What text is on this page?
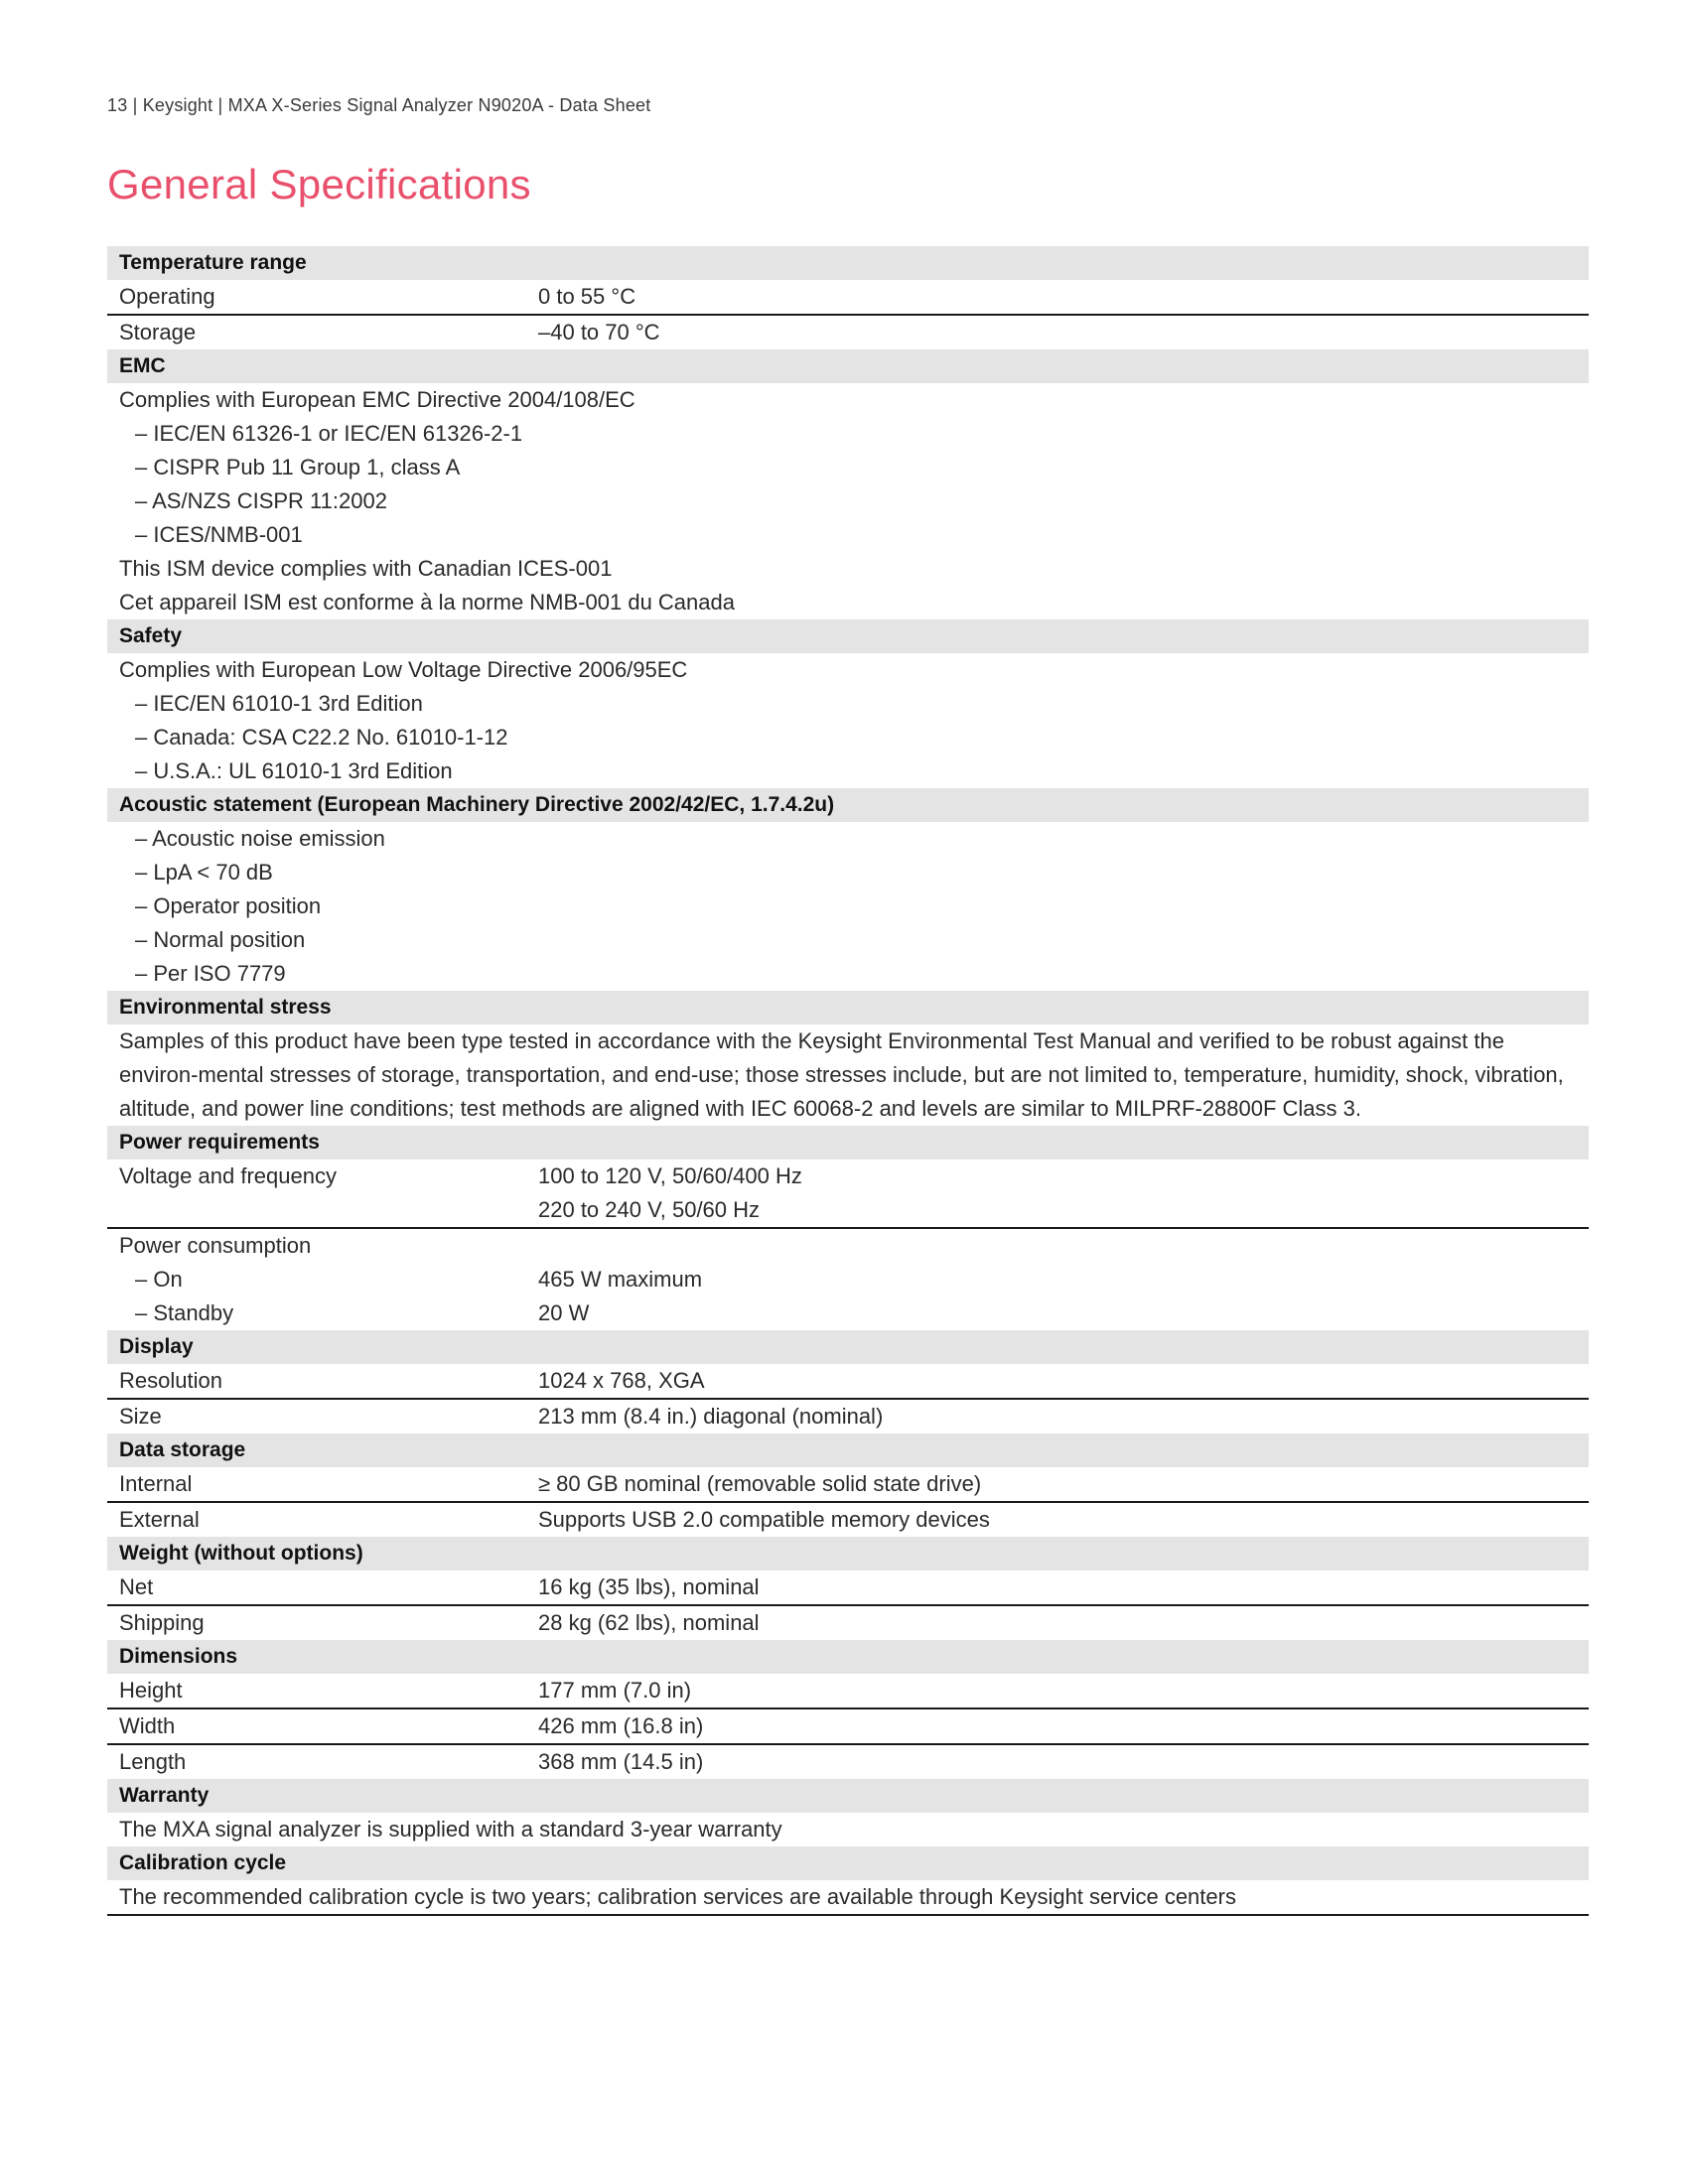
13 | Keysight | MXA X-Series Signal Analyzer N9020A - Data Sheet
General Specifications
Temperature range
Operating	0 to 55 °C
Storage	–40 to 70 °C
EMC
Complies with European EMC Directive 2004/108/EC
– IEC/EN 61326-1 or IEC/EN 61326-2-1
– CISPR Pub 11 Group 1, class A
– AS/NZS CISPR 11:2002
– ICES/NMB-001
This ISM device complies with Canadian ICES-001
Cet appareil ISM est conforme à la norme NMB-001 du Canada
Safety
Complies with European Low Voltage Directive 2006/95EC
– IEC/EN 61010-1 3rd Edition
– Canada: CSA C22.2 No. 61010-1-12
– U.S.A.: UL 61010-1 3rd Edition
Acoustic statement (European Machinery Directive 2002/42/EC, 1.7.4.2u)
– Acoustic noise emission
– LpA < 70 dB
– Operator position
– Normal position
– Per ISO 7779
Environmental stress
Samples of this product have been type tested in accordance with the Keysight Environmental Test Manual and verified to be robust against the environ-mental stresses of storage, transportation, and end-use; those stresses include, but are not limited to, temperature, humidity, shock, vibration, altitude, and power line conditions; test methods are aligned with IEC 60068-2 and levels are similar to MILPRF-28800F Class 3.
Power requirements
Voltage and frequency	100 to 120 V, 50/60/400 Hz
220 to 240 V, 50/60 Hz
Power consumption
– On	465 W maximum
– Standby	20 W
Display
Resolution	1024 x 768, XGA
Size	213 mm (8.4 in.) diagonal (nominal)
Data storage
Internal	≥ 80 GB nominal (removable solid state drive)
External	Supports USB 2.0 compatible memory devices
Weight (without options)
Net	16 kg (35 lbs), nominal
Shipping	28 kg (62 lbs), nominal
Dimensions
Height	177 mm (7.0 in)
Width	426 mm (16.8 in)
Length	368 mm (14.5 in)
Warranty
The MXA signal analyzer is supplied with a standard 3-year warranty
Calibration cycle
The recommended calibration cycle is two years; calibration services are available through Keysight service centers
